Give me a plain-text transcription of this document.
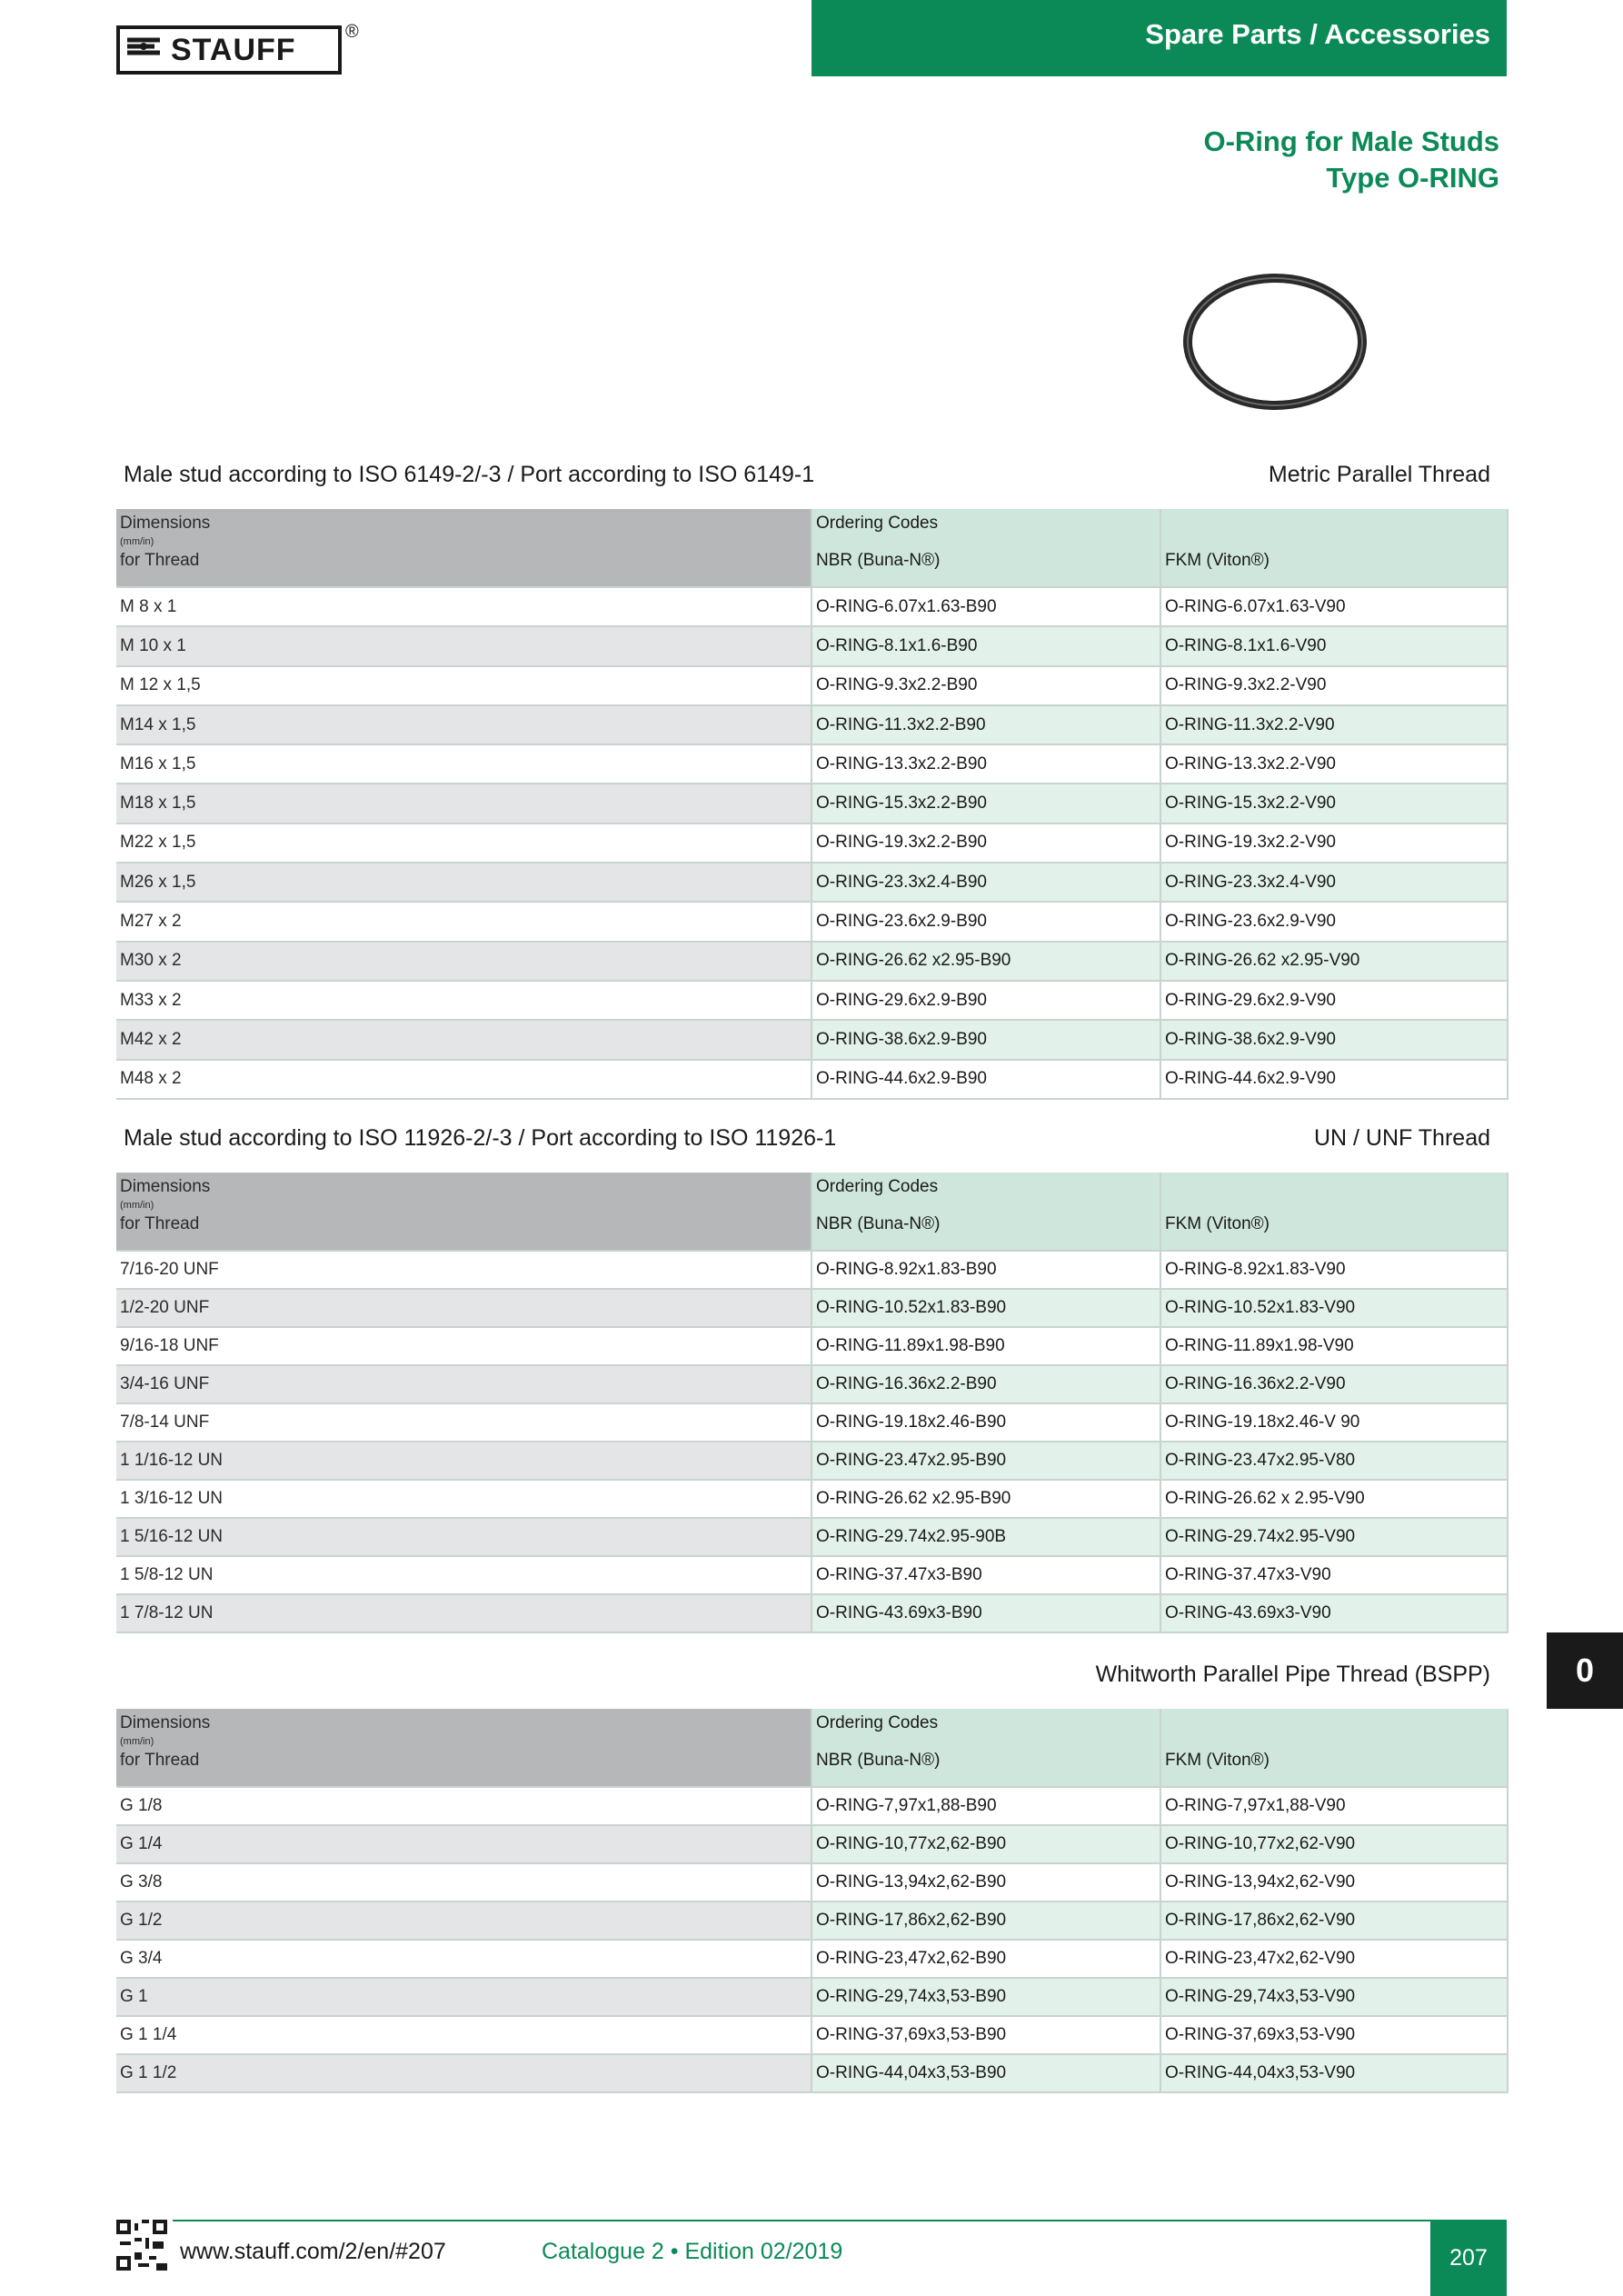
STAUFF
®	Spare Parts / Accessories
O-Ring for Male Studs
Type O-RING
Male stud according to ISO 6149-2/-3 / Port according to ISO 6149-1	Metric Parallel Thread
Dimensions
(mm/in)
for Thread	Ordering Codes

NBR (Buna-N®)	FKM (Viton®)
M 8 x 1	O-RING-6.07x1.63-B90	O-RING-6.07x1.63-V90
M 10 x 1	O-RING-8.1x1.6-B90	O-RING-8.1x1.6-V90
M 12 x 1,5	O-RING-9.3x2.2-B90	O-RING-9.3x2.2-V90
M14 x 1,5	O-RING-11.3x2.2-B90	O-RING-11.3x2.2-V90
M16 x 1,5	O-RING-13.3x2.2-B90	O-RING-13.3x2.2-V90
M18 x 1,5	O-RING-15.3x2.2-B90	O-RING-15.3x2.2-V90
M22 x 1,5	O-RING-19.3x2.2-B90	O-RING-19.3x2.2-V90
M26 x 1,5	O-RING-23.3x2.4-B90	O-RING-23.3x2.4-V90
M27 x 2	O-RING-23.6x2.9-B90	O-RING-23.6x2.9-V90
M30 x 2	O-RING-26.62 x2.95-B90	O-RING-26.62 x2.95-V90
M33 x 2	O-RING-29.6x2.9-B90	O-RING-29.6x2.9-V90
M42 x 2	O-RING-38.6x2.9-B90	O-RING-38.6x2.9-V90
M48 x 2	O-RING-44.6x2.9-B90	O-RING-44.6x2.9-V90
Male stud according to ISO 11926-2/-3 / Port according to ISO 11926-1	UN / UNF Thread
Dimensions
(mm/in)
for Thread	Ordering Codes

NBR (Buna-N®)	FKM (Viton®)
7/16-20 UNF	O-RING-8.92x1.83-B90	O-RING-8.92x1.83-V90
1/2-20 UNF	O-RING-10.52x1.83-B90	O-RING-10.52x1.83-V90
9/16-18 UNF	O-RING-11.89x1.98-B90	O-RING-11.89x1.98-V90
3/4-16 UNF	O-RING-16.36x2.2-B90	O-RING-16.36x2.2-V90
7/8-14 UNF	O-RING-19.18x2.46-B90	O-RING-19.18x2.46-V 90
1 1/16-12 UN	O-RING-23.47x2.95-B90	O-RING-23.47x2.95-V80
1 3/16-12 UN	O-RING-26.62 x2.95-B90	O-RING-26.62 x 2.95-V90
1 5/16-12 UN	O-RING-29.74x2.95-90B	O-RING-29.74x2.95-V90
1 5/8-12 UN	O-RING-37.47x3-B90	O-RING-37.47x3-V90
1 7/8-12 UN	O-RING-43.69x3-B90	O-RING-43.69x3-V90
Whitworth Parallel Pipe Thread (BSPP)
Dimensions
(mm/in)
for Thread	Ordering Codes

NBR (Buna-N®)	FKM (Viton®)
G 1/8	O-RING-7,97x1,88-B90	O-RING-7,97x1,88-V90
G 1/4	O-RING-10,77x2,62-B90	O-RING-10,77x2,62-V90
G 3/8	O-RING-13,94x2,62-B90	O-RING-13,94x2,62-V90
G 1/2	O-RING-17,86x2,62-B90	O-RING-17,86x2,62-V90
G 3/4	O-RING-23,47x2,62-B90	O-RING-23,47x2,62-V90
G 1	O-RING-29,74x3,53-B90	O-RING-29,74x3,53-V90
G 1 1/4	O-RING-37,69x3,53-B90	O-RING-37,69x3,53-V90
G 1 1/2	O-RING-44,04x3,53-B90	O-RING-44,04x3,53-V90
0
www.stauff.com/2/en/#207	Catalogue 2 • Edition 02/2019	207
